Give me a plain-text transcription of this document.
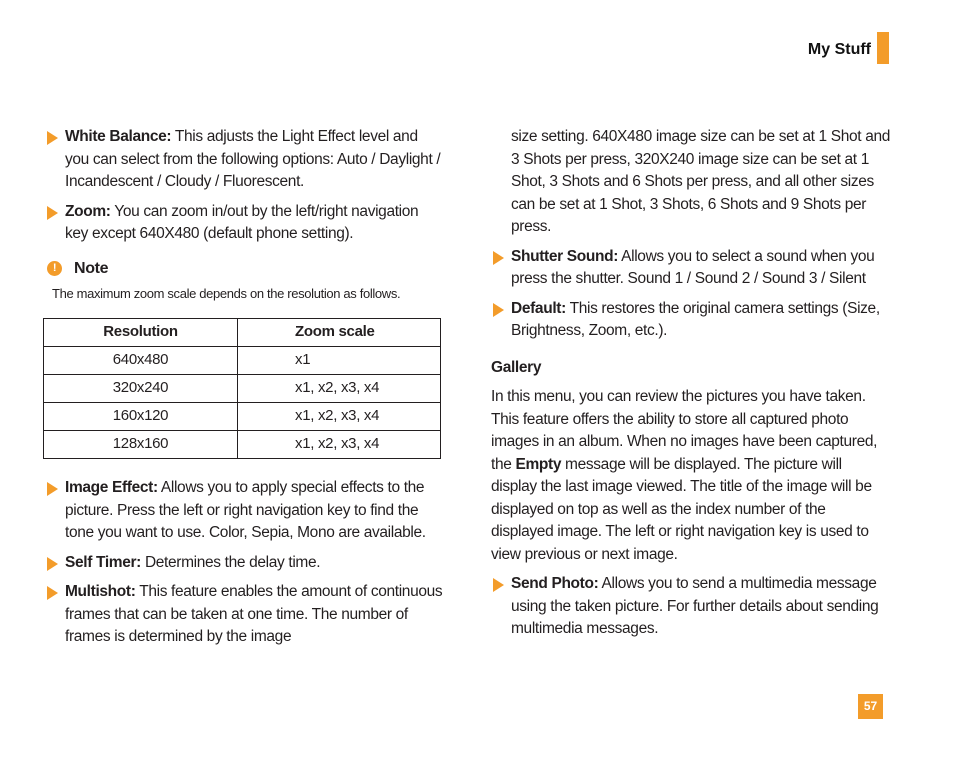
My Stuff
White Balance: This adjusts the Light Effect level and you can select from the following options: Auto / Daylight / Incandescent / Cloudy / Fluorescent.
Zoom: You can zoom in/out by the left/right navigation key except 640X480 (default phone setting).
!	Note
The maximum zoom scale depends on the resolution as follows.
Resolution	Zoom scale
640x480	x1
320x240	x1, x2, x3, x4
160x120	x1, x2, x3, x4
128x160	x1, x2, x3, x4
Image Effect: Allows you to apply special effects to the picture. Press the left or right navigation key to find the tone you want to use. Color, Sepia, Mono are available.
Self Timer: Determines the delay time.
Multishot: This feature enables the amount of continuous frames that can be taken at one time. The number of frames is determined by the image
size setting. 640X480 image size can be set at 1 Shot and 3 Shots per press, 320X240 image size can be set at 1 Shot, 3 Shots and 6 Shots per press, and all other sizes can be set at 1 Shot, 3 Shots, 6 Shots and 9 Shots per press.
Shutter Sound: Allows you to select a sound when you press the shutter. Sound 1 / Sound 2 / Sound 3 / Silent
Default: This restores the original camera settings (Size, Brightness, Zoom, etc.).
Gallery
In this menu, you can review the pictures you have taken. This feature offers the ability to store all captured photo images in an album. When no images have been captured, the Empty message will be displayed. The picture will display the last image viewed. The title of the image will be displayed on top as well as the index number of the displayed image. The left or right navigation key is used to view previous or next image.
Send Photo: Allows you to send a multimedia message using the taken picture. For further details about sending multimedia messages.
57
